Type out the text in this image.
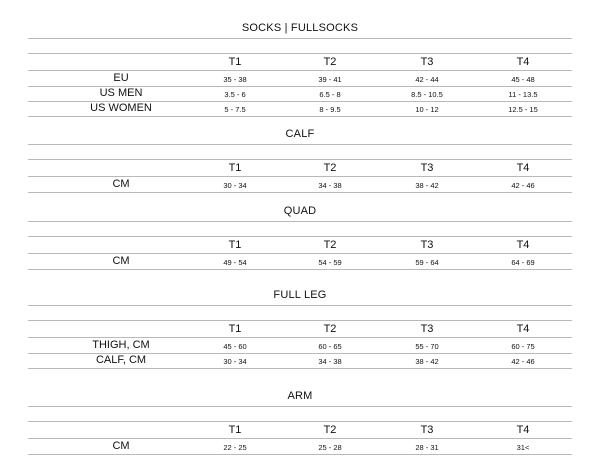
SOCKS | FULLSOCKS
T1	T2	T3	T4
EU	35 - 38	39 - 41	42 - 44	45 - 48
US MEN	3.5 - 6	6.5 - 8	8.5 - 10.5	11 - 13.5
US WOMEN	5 - 7.5	8 - 9.5	10 - 12	12.5 - 15
CALF
T1	T2	T3	T4
CM	30 - 34	34 - 38	38 - 42	42 - 46
QUAD
T1	T2	T3	T4
CM	49 - 54	54 - 59	59 - 64	64 - 69
FULL LEG
T1	T2	T3	T4
THIGH, CM	45 - 60	60 - 65	55 - 70	60 - 75
CALF, CM	30 - 34	34 - 38	38 - 42	42 - 46
ARM
T1	T2	T3	T4
CM	22 - 25	25 - 28	28 - 31	31<
